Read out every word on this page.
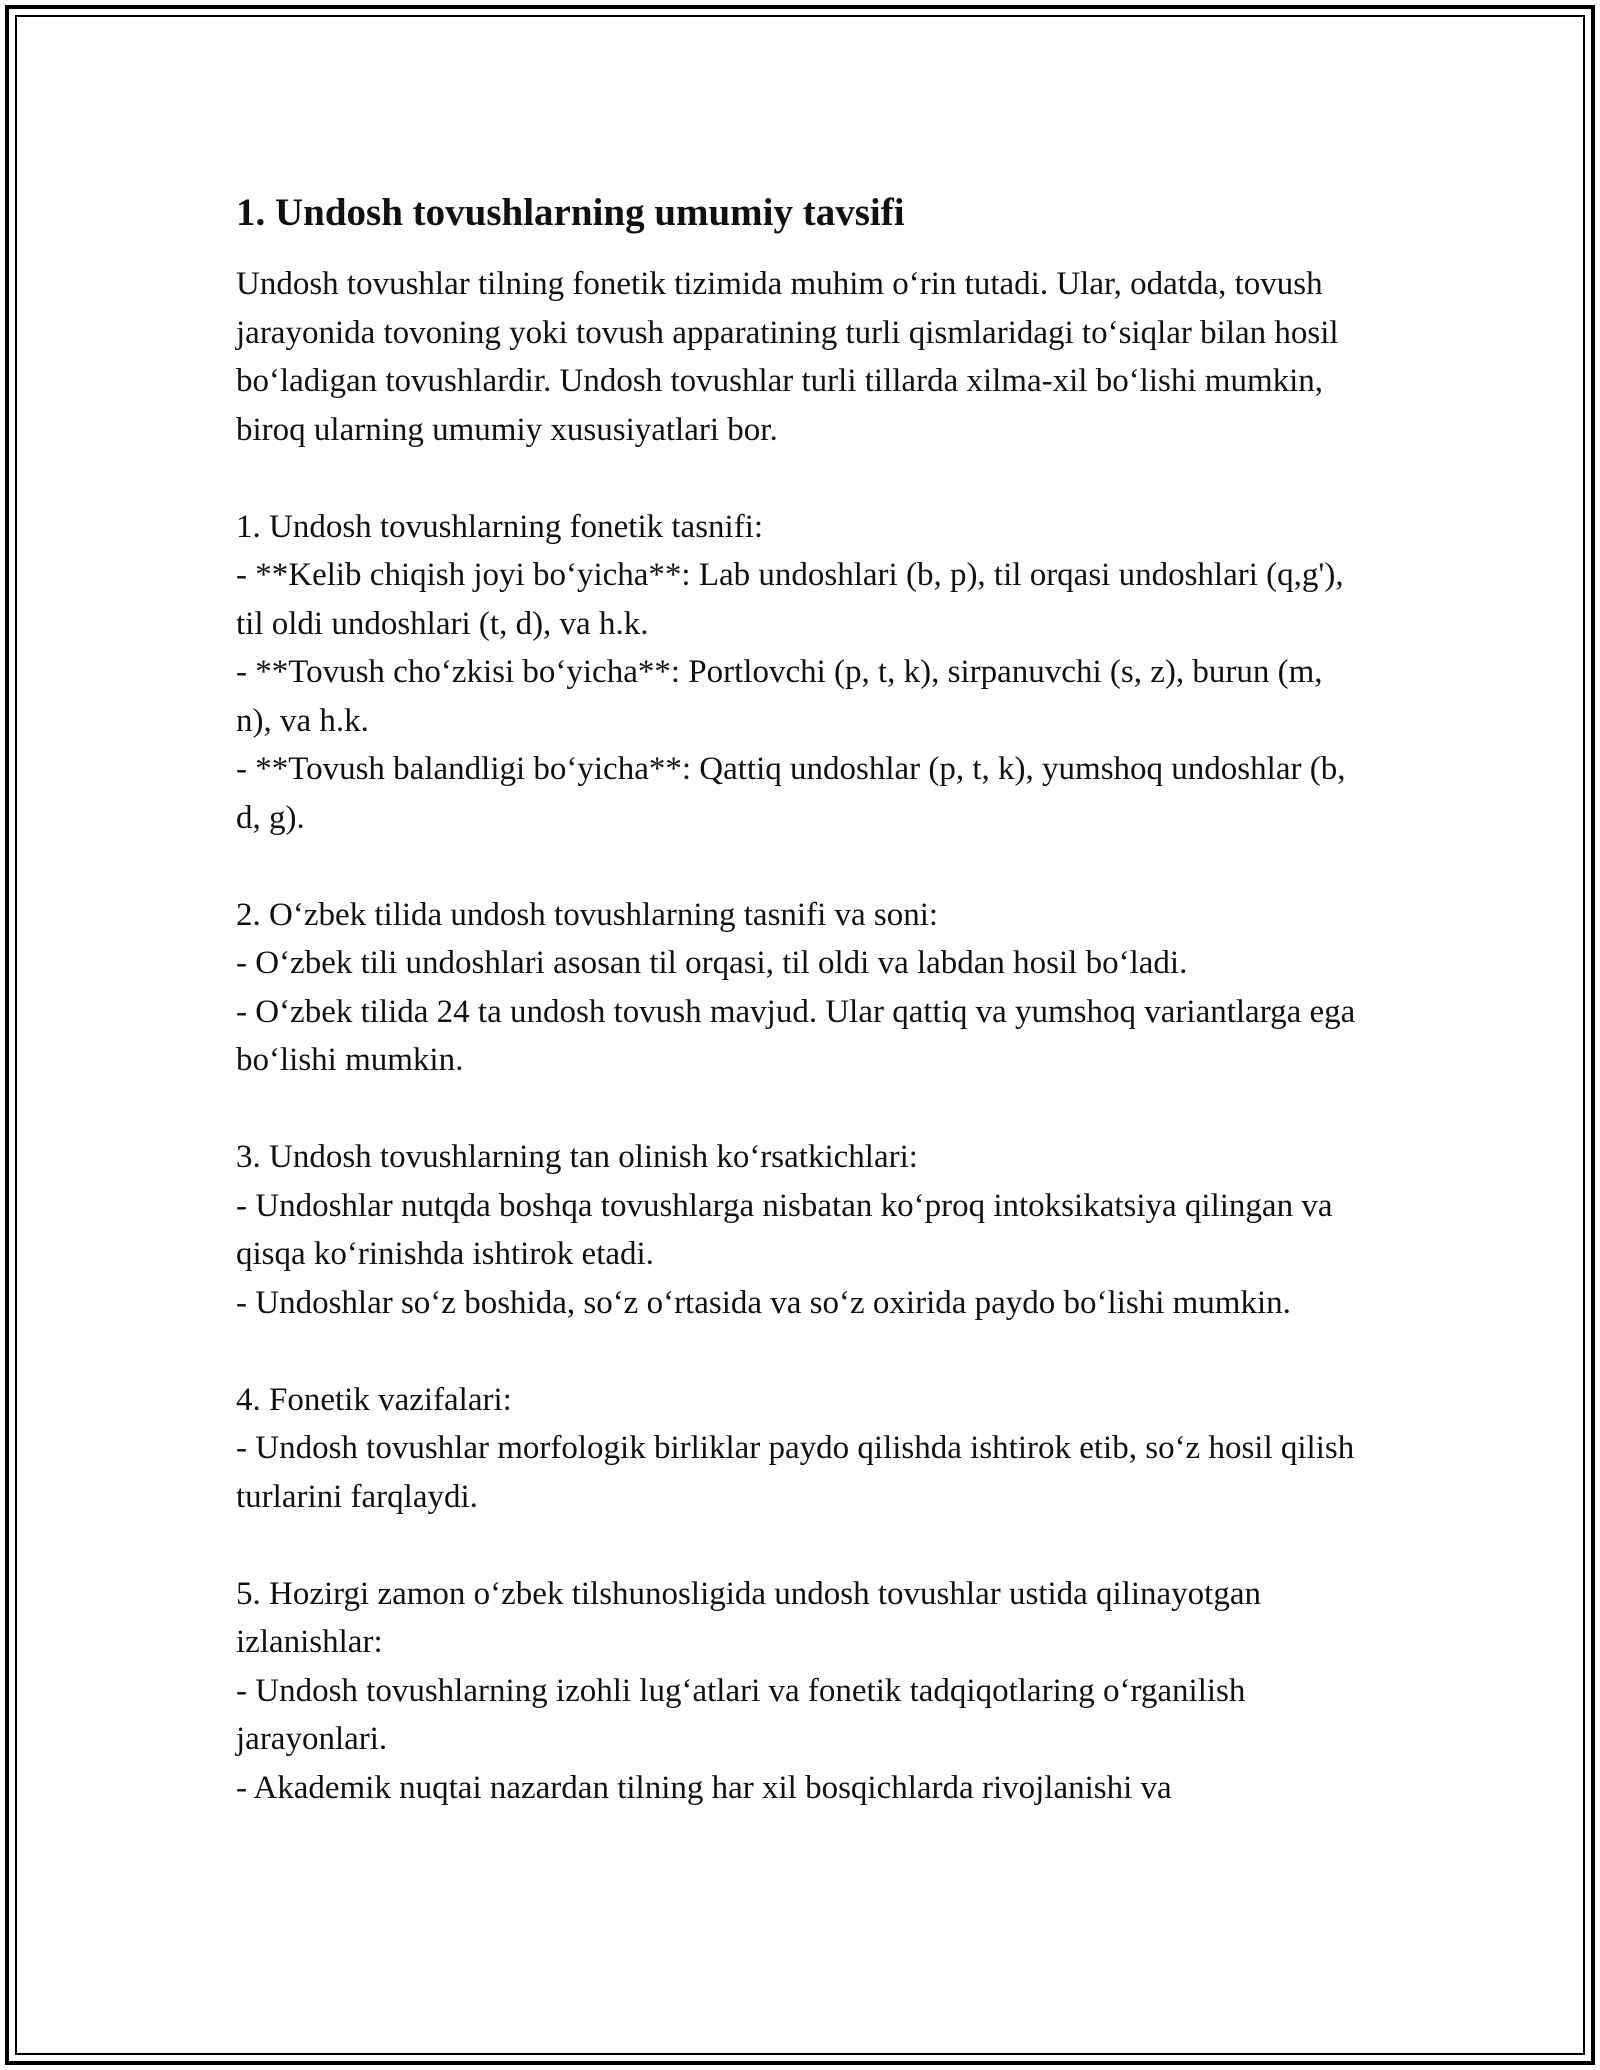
1. Undosh tovushlarning umumiy tavsifi

Undosh tovushlar tilning fonetik tizimida muhim oʻrin tutadi. Ular, odatda, tovush jarayonida tovoning yoki tovush apparatining turli qismlaridagi toʻsiqlar bilan hosil boʻladigan tovushlardir. Undosh tovushlar turli tillarda xilma-xil boʻlishi mumkin, biroq ularning umumiy xususiyatlari bor.

1. Undosh tovushlarning fonetik tasnifi:

- **Kelib chiqish joyi boʻyicha**: Lab undoshlari (b, p), til orqasi undoshlari (q,g'), til oldi undoshlari (t, d), va h.k.

- **Tovush choʻzkisi boʻyicha**: Portlovchi (p, t, k), sirpanuvchi (s, z), burun (m, n), va h.k.

- **Tovush balandligi boʻyicha**: Qattiq undoshlar (p, t, k), yumshoq undoshlar (b, d, g).

2. Oʻzbek tilida undosh tovushlarning tasnifi va soni:

- Oʻzbek tili undoshlari asosan til orqasi, til oldi va labdan hosil boʻladi.

- Oʻzbek tilida 24 ta undosh tovush mavjud. Ular qattiq va yumshoq variantlarga ega boʻlishi mumkin.

3. Undosh tovushlarning tan olinish koʻrsatkichlari:

- Undoshlar nutqda boshqa tovushlarga nisbatan koʻproq intoksikatsiya qilingan va qisqa koʻrinishda ishtirok etadi.

- Undoshlar soʻz boshida, soʻz oʻrtasida va soʻz oxirida paydo boʻlishi mumkin.

4. Fonetik vazifalari:

- Undosh tovushlar morfologik birliklar paydo qilishda ishtirok etib, soʻz hosil qilish turlarini farqlaydi.

5. Hozirgi zamon oʻzbek tilshunosligida undosh tovushlar ustida qilinayotgan izlanishlar:

- Undosh tovushlarning izohli lugʻatlari va fonetik tadqiqotlaring oʻrganilish jarayonlari.

- Akademik nuqtai nazardan tilning har xil bosqichlarda rivojlanishi va
